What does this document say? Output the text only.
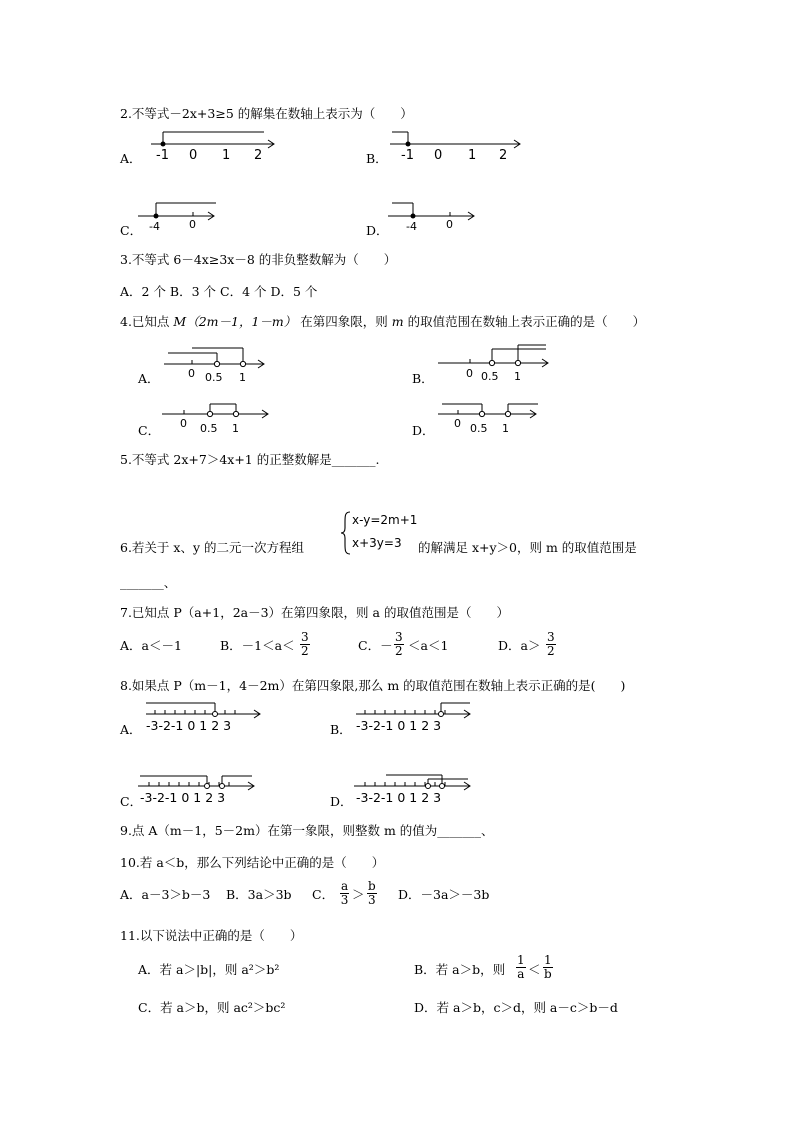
2.不等式－2x+3≥5 的解集在数轴上表示为（　　）
A． -1 0 1 2	B． -1 0 1 2
C． -4	0	D． -4	0
3.不等式 6－4x≥3x－8 的非负整数解为（　　）
A．2 个 B．3 个 C．4 个 D．5 个
4.已知点 M（2m－1，1－m） 在第四象限，则 m 的取值范围在数轴上表示正确的是（　　）
A．	0 0.5 1	B．	0 0.5 1
C． 0 0.5 1	D． 0 0.5 1
5.不等式 2x+7＞4x+1 的正整数解是_______.
6.若关于 x、y 的二元一次方程组
x-y=2m+1
x+3y=3 的解满足 x+y＞0，则 m 的取值范围是
_______、
7.已知点 P（a+1，2a－3）在第四象限，则 a 的取值范围是（　　）
A．a＜－1	B．$-1<a< \frac{3}{2}$	C．－ $\frac{3}{2} <a<1$	D．$a> \frac{3}{2}$
8.如果点 P（m－1，4－2m）在第四象限,那么 m 的取值范围在数轴上表示正确的是(　　)
A． -3-2-1 0 1 2 3	B． -3-2-1 0 1 2 3
C．
-3-2-1 0 1 2 3	D． -3-2-1 0 1 2 3
9.点 A（m－1，5－2m）在第一象限，则整数 m 的值为_______、
10.若 a＜b，那么下列结论中正确的是（　　）
A．a－3＞b－3 B．3a＞3b C． $\frac{a}{3} > \frac{b}{3}$ D．－3a＞－3b
11.以下说法中正确的是（　　）
A．若 a＞|b|，则 a²＞b²	B．若 a＞b，则 $\frac{1}{a} < \frac{1}{b}$
C．若 a＞b，则 ac²＞bc²	D．若 a＞b，c＞d，则 a－c＞b－d
